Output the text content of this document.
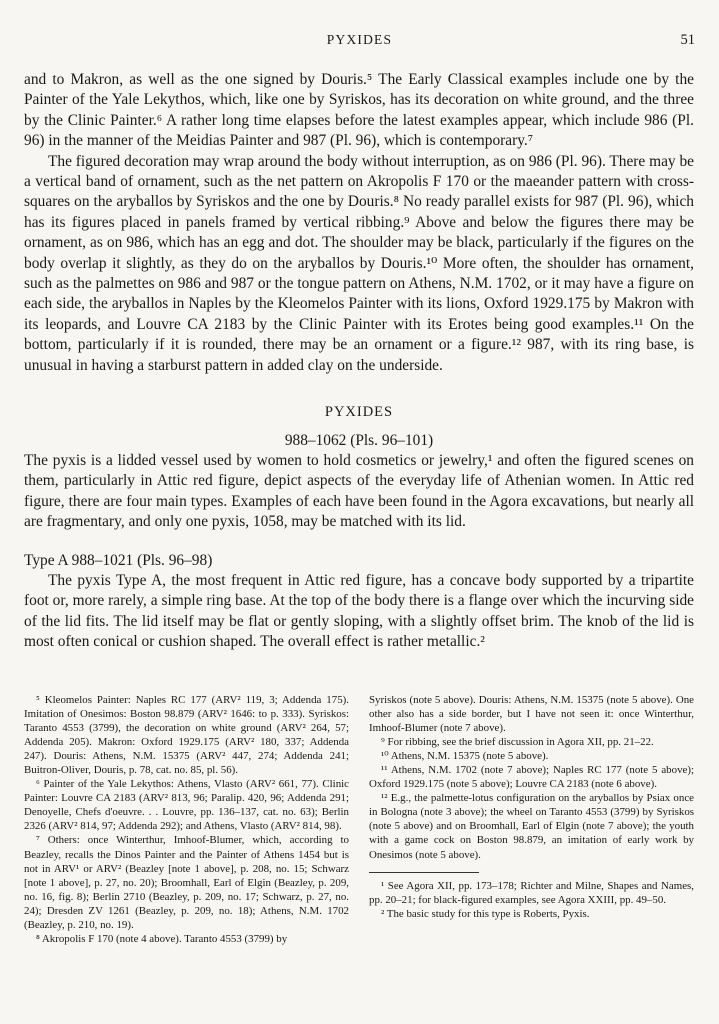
PYXIDES	51

and to Makron, as well as the one signed by Douris.⁵ The Early Classical examples include one by the Painter of the Yale Lekythos, which, like one by Syriskos, has its decoration on white ground, and the three by the Clinic Painter.⁶ A rather long time elapses before the latest examples appear, which include 986 (Pl. 96) in the manner of the Meidias Painter and 987 (Pl. 96), which is contemporary.⁷

The figured decoration may wrap around the body without interruption, as on 986 (Pl. 96). There may be a vertical band of ornament, such as the net pattern on Akropolis F 170 or the maeander pattern with cross-squares on the aryballos by Syriskos and the one by Douris.⁸ No ready parallel exists for 987 (Pl. 96), which has its figures placed in panels framed by vertical ribbing.⁹ Above and below the figures there may be ornament, as on 986, which has an egg and dot. The shoulder may be black, particularly if the figures on the body overlap it slightly, as they do on the aryballos by Douris.¹⁰ More often, the shoulder has ornament, such as the palmettes on 986 and 987 or the tongue pattern on Athens, N.M. 1702, or it may have a figure on each side, the aryballos in Naples by the Kleomelos Painter with its lions, Oxford 1929.175 by Makron with its leopards, and Louvre CA 2183 by the Clinic Painter with its Erotes being good examples.¹¹ On the bottom, particularly if it is rounded, there may be an ornament or a figure.¹² 987, with its ring base, is unusual in having a starburst pattern in added clay on the underside.

PYXIDES
988–1062 (Pls. 96–101)

The pyxis is a lidded vessel used by women to hold cosmetics or jewelry,¹ and often the figured scenes on them, particularly in Attic red figure, depict aspects of the everyday life of Athenian women. In Attic red figure, there are four main types. Examples of each have been found in the Agora excavations, but nearly all are fragmentary, and only one pyxis, 1058, may be matched with its lid.

Type A 988–1021 (Pls. 96–98)

The pyxis Type A, the most frequent in Attic red figure, has a concave body supported by a tripartite foot or, more rarely, a simple ring base. At the top of the body there is a flange over which the incurving side of the lid fits. The lid itself may be flat or gently sloping, with a slightly offset brim. The knob of the lid is most often conical or cushion shaped. The overall effect is rather metallic.²

⁵ Kleomelos Painter: Naples RC 177 (ARV² 119, 3; Addenda 175). Imitation of Onesimos: Boston 98.879 (ARV² 1646: to p. 333). Syriskos: Taranto 4553 (3799), the decoration on white ground (ARV² 264, 57; Addenda 205). Makron: Oxford 1929.175 (ARV² 180, 337; Addenda 247). Douris: Athens, N.M. 15375 (ARV² 447, 274; Addenda 241; Buitron-Oliver, Douris, p. 78, cat. no. 85, pl. 56).

⁶ Painter of the Yale Lekythos: Athens, Vlasto (ARV² 661, 77). Clinic Painter: Louvre CA 2183 (ARV² 813, 96; Paralip. 420, 96; Addenda 291; Denoyelle, Chefs d'oeuvre. . . Louvre, pp. 136–137, cat. no. 63); Berlin 2326 (ARV² 814, 97; Addenda 292); and Athens, Vlasto (ARV² 814, 98).

⁷ Others: once Winterthur, Imhoof-Blumer, which, according to Beazley, recalls the Dinos Painter and the Painter of Athens 1454 but is not in ARV¹ or ARV² (Beazley [note 1 above], p. 208, no. 15; Schwarz [note 1 above], p. 27, no. 20); Broomhall, Earl of Elgin (Beazley, p. 209, no. 16, fig. 8); Berlin 2710 (Beazley, p. 209, no. 17; Schwarz, p. 27, no. 24); Dresden ZV 1261 (Beazley, p. 209, no. 18); Athens, N.M. 1702 (Beazley, p. 210, no. 19).

⁸ Akropolis F 170 (note 4 above). Taranto 4553 (3799) by

Syriskos (note 5 above). Douris: Athens, N.M. 15375 (note 5 above). One other also has a side border, but I have not seen it: once Winterthur, Imhoof-Blumer (note 7 above).

⁹ For ribbing, see the brief discussion in Agora XII, pp. 21–22.

¹⁰ Athens, N.M. 15375 (note 5 above).

¹¹ Athens, N.M. 1702 (note 7 above); Naples RC 177 (note 5 above); Oxford 1929.175 (note 5 above); Louvre CA 2183 (note 6 above).

¹² E.g., the palmette-lotus configuration on the aryballos by Psiax once in Bologna (note 3 above); the wheel on Taranto 4553 (3799) by Syriskos (note 5 above) and on Broomhall, Earl of Elgin (note 7 above); the youth with a game cock on Boston 98.879, an imitation of early work by Onesimos (note 5 above).

¹ See Agora XII, pp. 173–178; Richter and Milne, Shapes and Names, pp. 20–21; for black-figured examples, see Agora XXIII, pp. 49–50.

² The basic study for this type is Roberts, Pyxis.
